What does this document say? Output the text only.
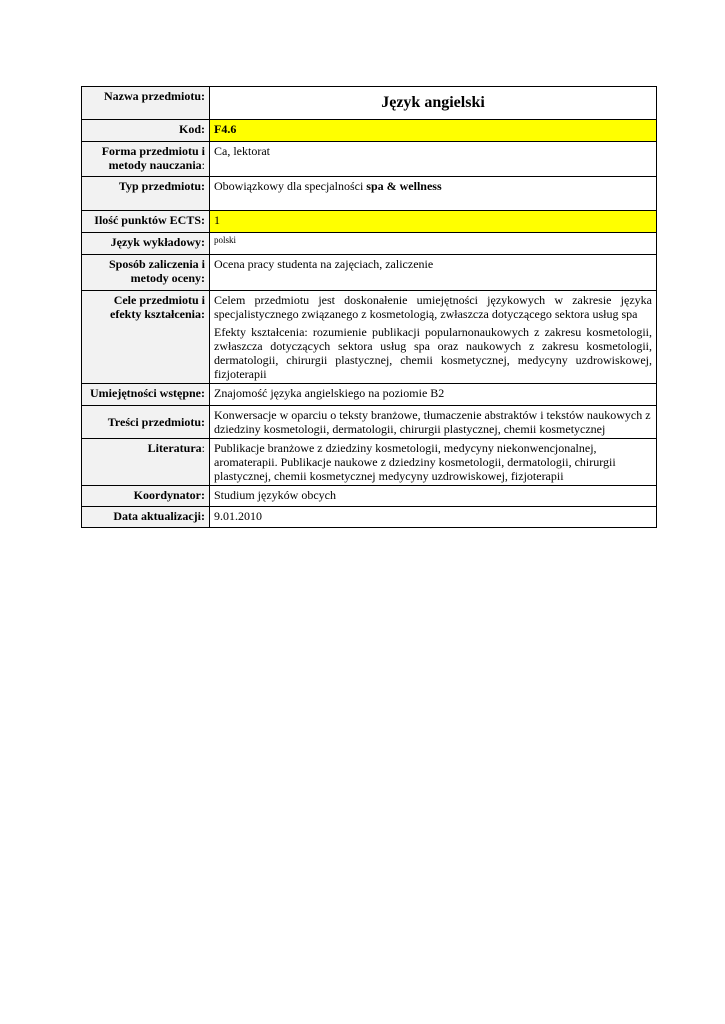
Nazwa przedmiotu:	Język angielski

Kod:	F4.6
Forma przedmiotu i metody nauczania:	Ca, lektorat
Typ przedmiotu:	Obowiązkowy dla specjalności spa & wellness
Ilość punktów ECTS:	1
Język wykładowy:	polski
Sposób zaliczenia i metody oceny:	Ocena pracy studenta na zajęciach, zaliczenie
Cele przedmiotu i efekty kształcenia:	Celem przedmiotu jest doskonałenie umiejętności językowych w zakresie języka specjalistycznego związanego z kosmetologią, zwłaszcza dotyczącego sektora usług spa
Efekty kształcenia: rozumienie publikacji popularnonaukowych z zakresu kosmetologii, zwłaszcza dotyczących sektora usług spa oraz naukowych z zakresu kosmetologii, dermatologii, chirurgii plastycznej, chemii kosmetycznej, medycyny uzdrowiskowej, fizjoterapii

Umiejętności wstępne:	Znajomość języka angielskiego na poziomie B2
Treści przedmiotu:	Konwersacje w oparciu o teksty branżowe, tłumaczenie abstraktów i tekstów naukowych z dziedziny kosmetologii, dermatologii, chirurgii plastycznej, chemii kosmetycznej
Literatura:	Publikacje branżowe z dziedziny kosmetologii, medycyny niekonwencjonalnej, aromaterapii. Publikacje naukowe z dziedziny kosmetologii, dermatologii, chirurgii plastycznej, chemii kosmetycznej medycyny uzdrowiskowej, fizjoterapii
Koordynator:	Studium języków obcych
Data aktualizacji:	9.01.2010
